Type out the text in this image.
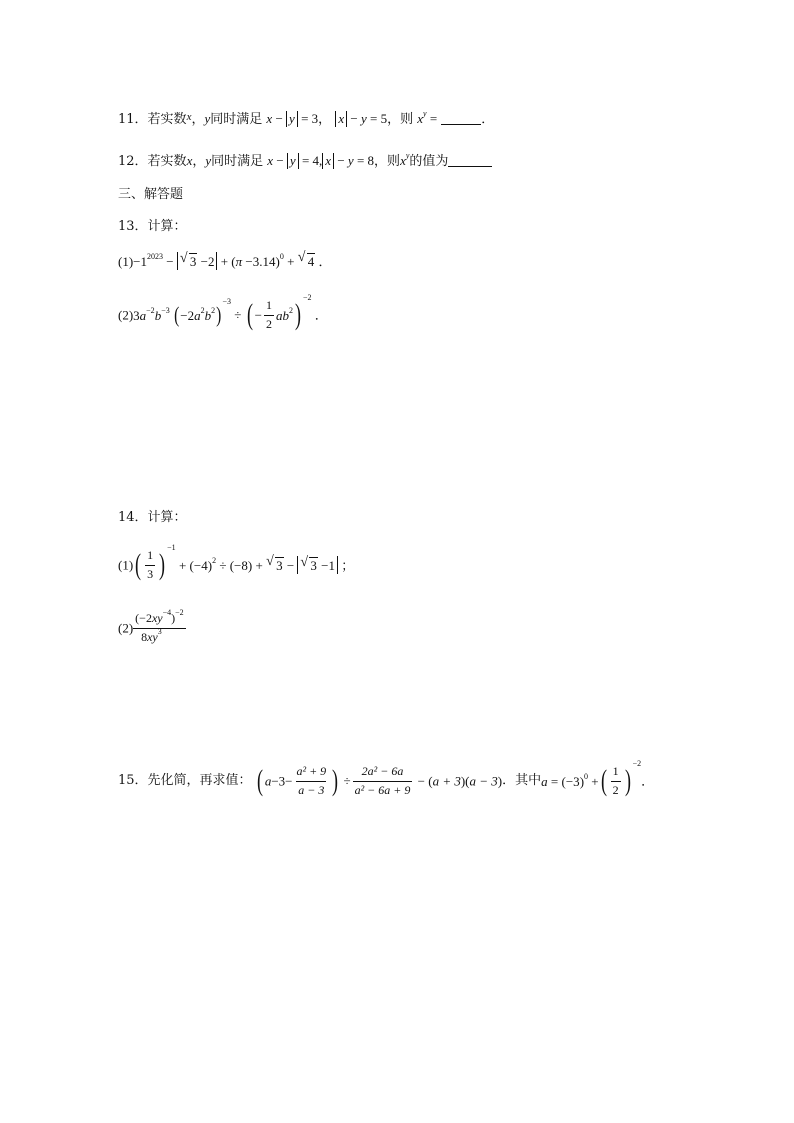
11．若实数$^x$，y同时满足 x − y = 3， x − y = 5，则 $x^y$ =	．
12．若实数x，y同时满足 x − y = 4, x − y = 8，则$x^y$的值为
三、解答题
13．计算：
$(1)-1^{2023}$ − √ $3 -2 + (\pi -3.14)^0$ + √ 4 ．
$(2)3a^{-2}b^{-3}$ $(-2a^2b^2)^{-3}$ ÷ ( − $\frac{1}{2} ab^2)^{-2}$ ．
14．计算：
$(1)( \frac{1}{3} )^{-1} + (-4)^2 \div (-8)$ + √ 3 − √ 3 −1 ；
$(2) \frac{(-2xy^{-4})^{-2}}{8xy^3}$
15．先化简，再求值： ( $a-3- \frac{\text{a² + 9}}{a - 3}$ ) ÷ $\frac{\text{2a² − 6a}}{\text{a² − 6a + 9}} - (a + 3)(a - 3)$．其中$a = (-3)^0$ +( $\frac{1}{2} )^{-2}$．
